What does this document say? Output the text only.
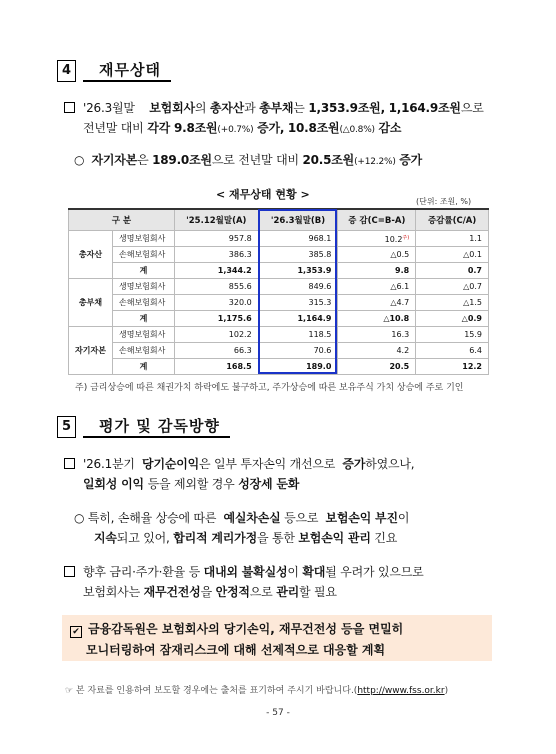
4	재무상태
'26.3월말 보험회사의 총자산과 총부채는 1,353.9조원, 1,164.9조원으로
전년말 대비 각각 9.8조원(+0.7%) 증가, 10.8조원(△0.8%) 감소
○ 자기자본은 189.0조원으로 전년말 대비 20.5조원(+12.2%) 증가
< 재무상태 현황 >
(단위: 조원, %)
구 분		'25.12월말(A)	'26.3월말(B)	증 감(C=B-A)	증감률(C/A)
총자산	생명보험회사	957.8	968.1	$10.2^{주)}$	1.1
	손해보험회사	386.3	385.8	△0.5	△0.1
	계	1,344.2	1,353.9	9.8	0.7
총부채	생명보험회사	855.6	849.6	△6.1	△0.7
	손해보험회사	320.0	315.3	△4.7	△1.5
	계	1,175.6	1,164.9	△10.8	△0.9
자기자본	생명보험회사	102.2	118.5	16.3	15.9
	손해보험회사	66.3	70.6	4.2	6.4
	계	168.5	189.0	20.5	12.2
주) 금리상승에 따른 채권가치 하락에도 불구하고, 주가상승에 따른 보유주식 가치 상승에 주로 기인
5	평가 및 감독방향
'26.1분기 당기순이익은 일부 투자손익 개선으로 증가하였으나,
일회성 이익 등을 제외할 경우 성장세 둔화
○ 특히, 손해율 상승에 따른 예실차손실 등으로 보험손익 부진이
지속되고 있어, 합리적 계리가정을 통한 보험손익 관리 긴요
향후 금리·주가·환율 등 대내외 불확실성이 확대될 우려가 있으므로
보험회사는 재무건전성을 안정적으로 관리할 필요
✔ 금융감독원은 보험회사의 당기손익, 재무건전성 등을 면밀히
모니터링하여 잠재리스크에 대해 선제적으로 대응할 계획
☞ 본 자료를 인용하여 보도할 경우에는 출처를 표기하여 주시기 바랍니다.(http://www.fss.or.kr)
- 57 -
